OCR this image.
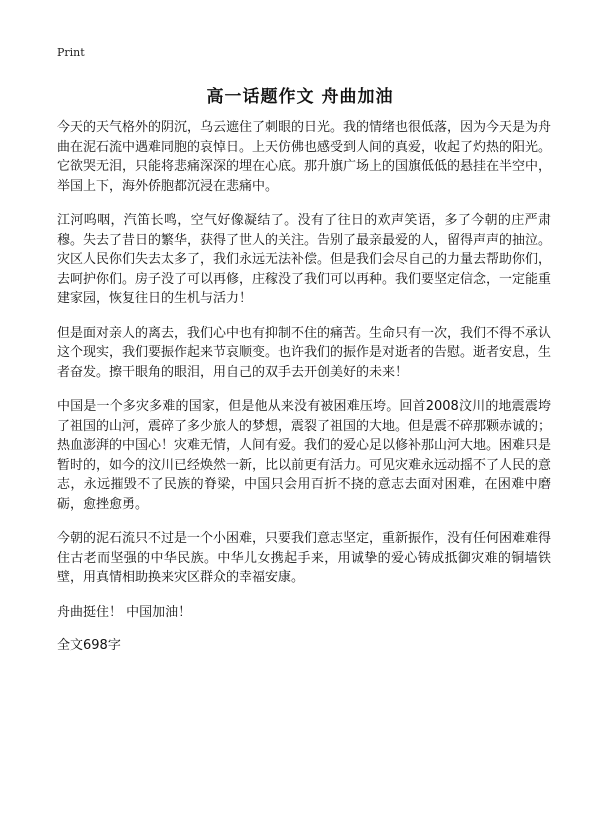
Print
高一话题作文 舟曲加油

今天的天气格外的阴沉，乌云遮住了刺眼的日光。我的情绪也很低落，因为今天是为舟曲在泥石流中遇难同胞的哀悼日。上天仿佛也感受到人间的真爱，收起了灼热的阳光。它欲哭无泪，只能将悲痛深深的埋在心底。那升旗广场上的国旗低低的悬挂在半空中，举国上下，海外侨胞都沉浸在悲痛中。

江河呜咽，汽笛长鸣，空气好像凝结了。没有了往日的欢声笑语，多了今朝的庄严肃穆。失去了昔日的繁华，获得了世人的关注。告别了最亲最爱的人，留得声声的抽泣。灾区人民你们失去太多了，我们永远无法补偿。但是我们会尽自己的力量去帮助你们，去呵护你们。房子没了可以再修，庄稼没了我们可以再种。我们要坚定信念，一定能重建家园，恢复往日的生机与活力！

但是面对亲人的离去，我们心中也有抑制不住的痛苦。生命只有一次，我们不得不承认这个现实，我们要振作起来节哀顺变。也许我们的振作是对逝者的告慰。逝者安息，生者奋发。擦干眼角的眼泪，用自己的双手去开创美好的未来！

中国是一个多灾多难的国家，但是他从来没有被困难压垮。回首2008汶川的地震震垮了祖国的山河，震碎了多少旅人的梦想，震裂了祖国的大地。但是震不碎那颗赤诚的；热血澎湃的中国心！灾难无情，人间有爱。我们的爱心足以修补那山河大地。困难只是暂时的，如今的汶川已经焕然一新，比以前更有活力。可见灾难永远动摇不了人民的意志，永远摧毁不了民族的脊梁，中国只会用百折不挠的意志去面对困难，在困难中磨砺，愈挫愈勇。

今朝的泥石流只不过是一个小困难，只要我们意志坚定，重新振作，没有任何困难难得住古老而坚强的中华民族。中华儿女携起手来，用诚挚的爱心铸成抵御灾难的铜墙铁壁，用真情相助换来灾区群众的幸福安康。

舟曲挺住！ 中国加油！

全文698字
